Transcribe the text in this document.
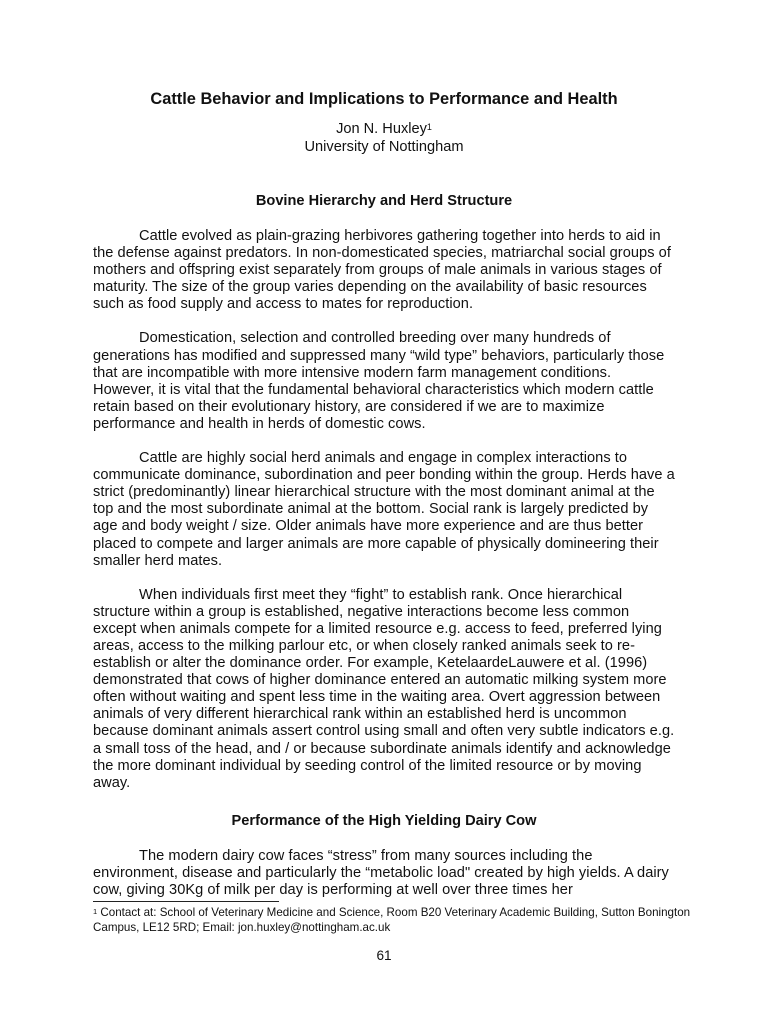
Cattle Behavior and Implications to Performance and Health
Jon N. Huxley$^1$
University of Nottingham
Bovine Hierarchy and Herd Structure

Cattle evolved as plain-grazing herbivores gathering together into herds to aid in the defense against predators. In non-domesticated species, matriarchal social groups of mothers and offspring exist separately from groups of male animals in various stages of maturity. The size of the group varies depending on the availability of basic resources such as food supply and access to mates for reproduction.

Domestication, selection and controlled breeding over many hundreds of generations has modified and suppressed many “wild type” behaviors, particularly those that are incompatible with more intensive modern farm management conditions. However, it is vital that the fundamental behavioral characteristics which modern cattle retain based on their evolutionary history, are considered if we are to maximize performance and health in herds of domestic cows.

Cattle are highly social herd animals and engage in complex interactions to communicate dominance, subordination and peer bonding within the group. Herds have a strict (predominantly) linear hierarchical structure with the most dominant animal at the top and the most subordinate animal at the bottom. Social rank is largely predicted by age and body weight / size. Older animals have more experience and are thus better placed to compete and larger animals are more capable of physically domineering their smaller herd mates.

When individuals first meet they “fight” to establish rank. Once hierarchical structure within a group is established, negative interactions become less common except when animals compete for a limited resource e.g. access to feed, preferred lying areas, access to the milking parlour etc, or when closely ranked animals seek to re-establish or alter the dominance order. For example, KetelaardeLauwere et al. (1996) demonstrated that cows of higher dominance entered an automatic milking system more often without waiting and spent less time in the waiting area. Overt aggression between animals of very different hierarchical rank within an established herd is uncommon because dominant animals assert control using small and often very subtle indicators e.g. a small toss of the head, and / or because subordinate animals identify and acknowledge the more dominant individual by seeding control of the limited resource or by moving away.

Performance of the High Yielding Dairy Cow

The modern dairy cow faces “stress” from many sources including the environment, disease and particularly the “metabolic load" created by high yields. A dairy cow, giving 30Kg of milk per day is performing at well over three times her

$^1$ Contact at: School of Veterinary Medicine and Science, Room B20 Veterinary Academic Building, Sutton Bonington Campus, LE12 5RD; Email: jon.huxley@nottingham.ac.uk
61
